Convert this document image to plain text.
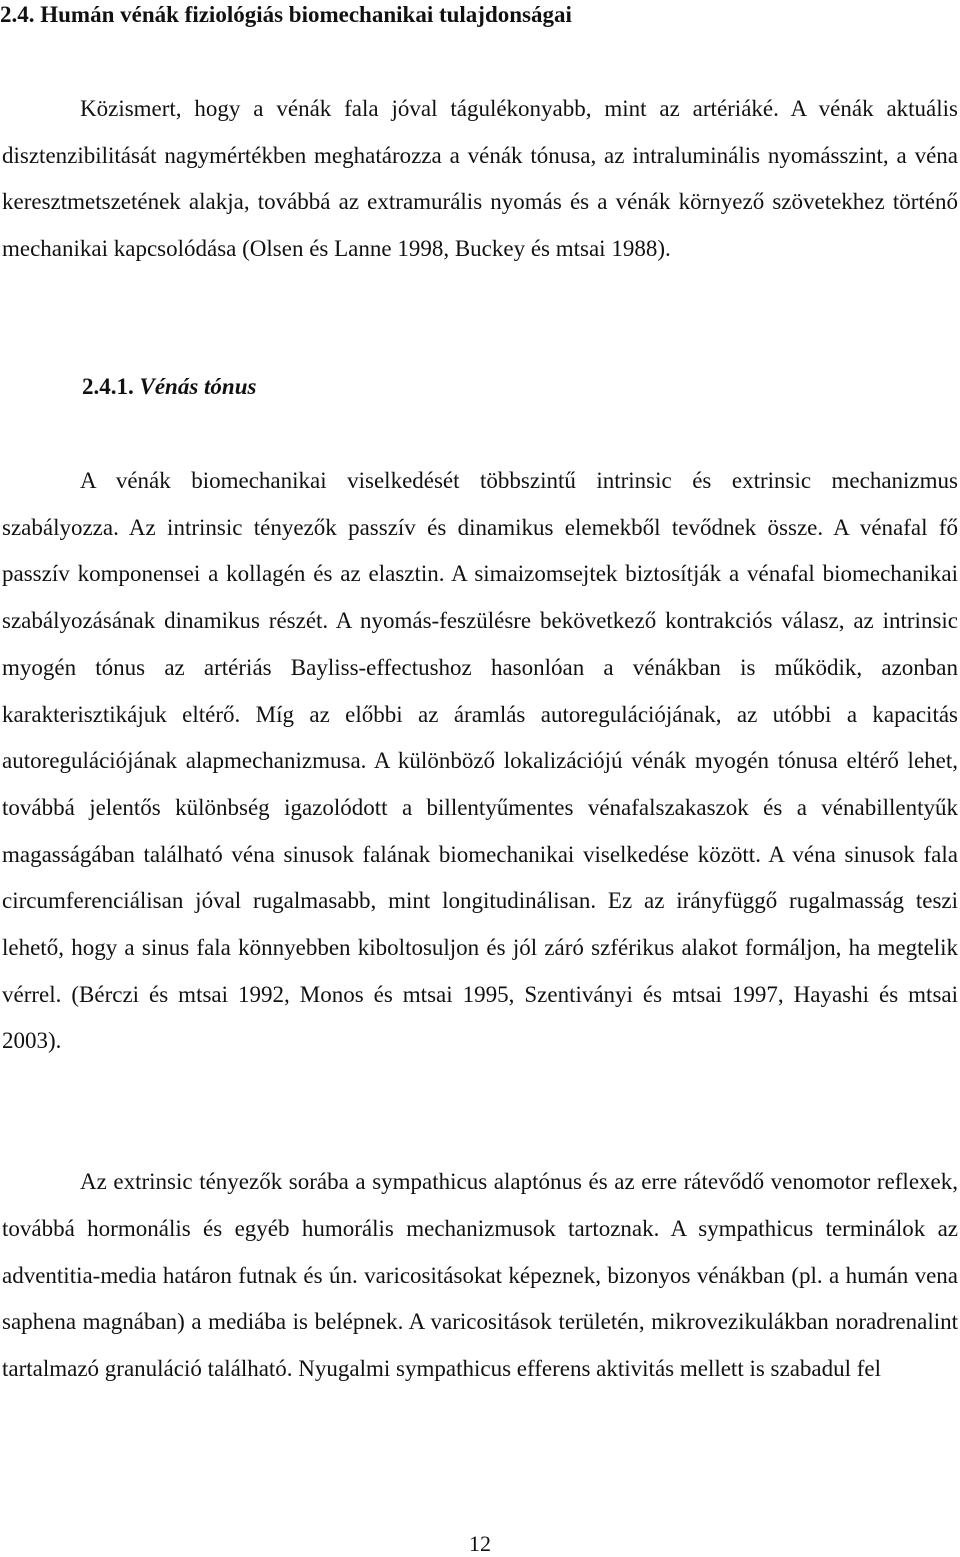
2.4. Humán vénák fiziológiás biomechanikai tulajdonságai

Közismert, hogy a vénák fala jóval tágulékonyabb, mint az artériáké. A vénák aktuális disztenzibilitását nagymértékben meghatározza a vénák tónusa, az intraluminális nyomásszint, a véna keresztmetszetének alakja, továbbá az extramurális nyomás és a vénák környező szövetekhez történő mechanikai kapcsolódása (Olsen és Lanne 1998, Buckey és mtsai 1988).

2.4.1. Vénás tónus

A vénák biomechanikai viselkedését többszintű intrinsic és extrinsic mechanizmus szabályozza. Az intrinsic tényezők passzív és dinamikus elemekből tevődnek össze. A vénafal fő passzív komponensei a kollagén és az elasztin. A simaizomsejtek biztosítják a vénafal biomechanikai szabályozásának dinamikus részét. A nyomás-feszülésre bekövetkező kontrakciós válasz, az intrinsic myogén tónus az artériás Bayliss-effectushoz hasonlóan a vénákban is működik, azonban karakterisztikájuk eltérő. Míg az előbbi az áramlás autoregulációjának, az utóbbi a kapacitás autoregulációjának alapmechanizmusa. A különböző lokalizációjú vénák myogén tónusa eltérő lehet, továbbá jelentős különbség igazolódott a billentyűmentes vénafalszakaszok és a vénabillentyűk magasságában található véna sinusok falának biomechanikai viselkedése között. A véna sinusok fala circumferenciálisan jóval rugalmasabb, mint longitudinálisan. Ez az irányfüggő rugalmasság teszi lehető, hogy a sinus fala könnyebben kiboltosuljon és jól záró szférikus alakot formáljon, ha megtelik vérrel. (Bérczi és mtsai 1992, Monos és mtsai 1995, Szentiványi és mtsai 1997, Hayashi és mtsai 2003).

Az extrinsic tényezők sorába a sympathicus alaptónus és az erre rátevődő venomotor reflexek, továbbá hormonális és egyéb humorális mechanizmusok tartoznak. A sympathicus terminálok az adventitia-media határon futnak és ún. varicositásokat képeznek, bizonyos vénákban (pl. a humán vena saphena magnában) a mediába is belépnek. A varicositások területén, mikrovezikulákban noradrenalint tartalmazó granuláció található. Nyugalmi sympathicus efferens aktivitás mellett is szabadul fel

12
